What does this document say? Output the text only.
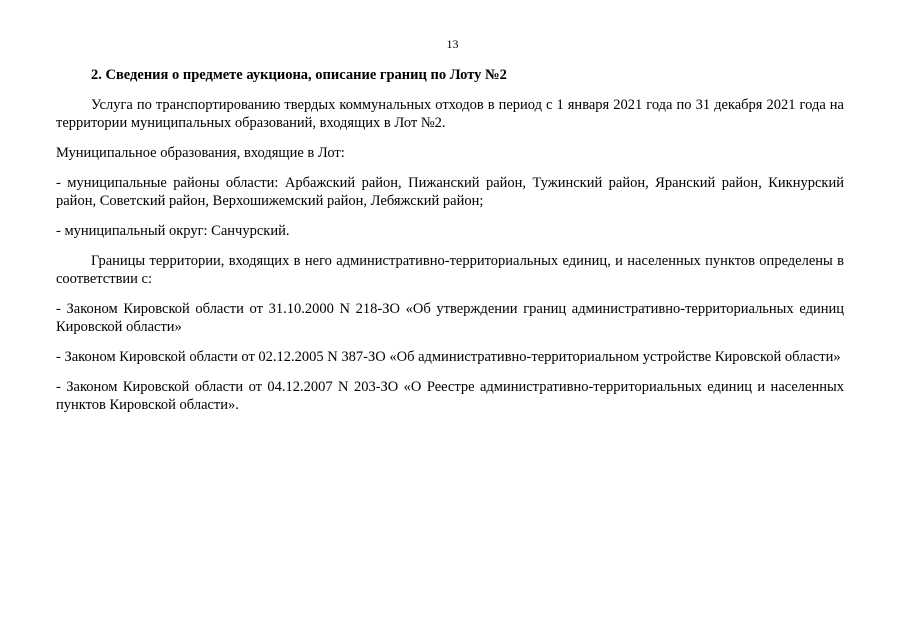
13

2. Сведения о предмете аукциона, описание границ по Лоту №2

Услуга по транспортированию твердых коммунальных отходов в период с 1 января 2021 года по 31 декабря 2021 года на территории муниципальных образований, входящих в Лот №2.

Муниципальное образования, входящие в Лот:

- муниципальные районы области: Арбажский район, Пижанский район, Тужинский район, Яранский район, Кикнурский район, Советский район, Верхошижемский район, Лебяжский район;

- муниципальный округ: Санчурский.

Границы территории, входящих в него административно-территориальных единиц, и населенных пунктов определены в соответствии с:

- Законом Кировской области от 31.10.2000 N 218-ЗО «Об утверждении границ административно-территориальных единиц Кировской области»

- Законом Кировской области от 02.12.2005 N 387-ЗО «Об административно-территориальном устройстве Кировской области»

- Законом Кировской области от 04.12.2007 N 203-ЗО «О Реестре административно-территориальных единиц и населенных пунктов Кировской области».
